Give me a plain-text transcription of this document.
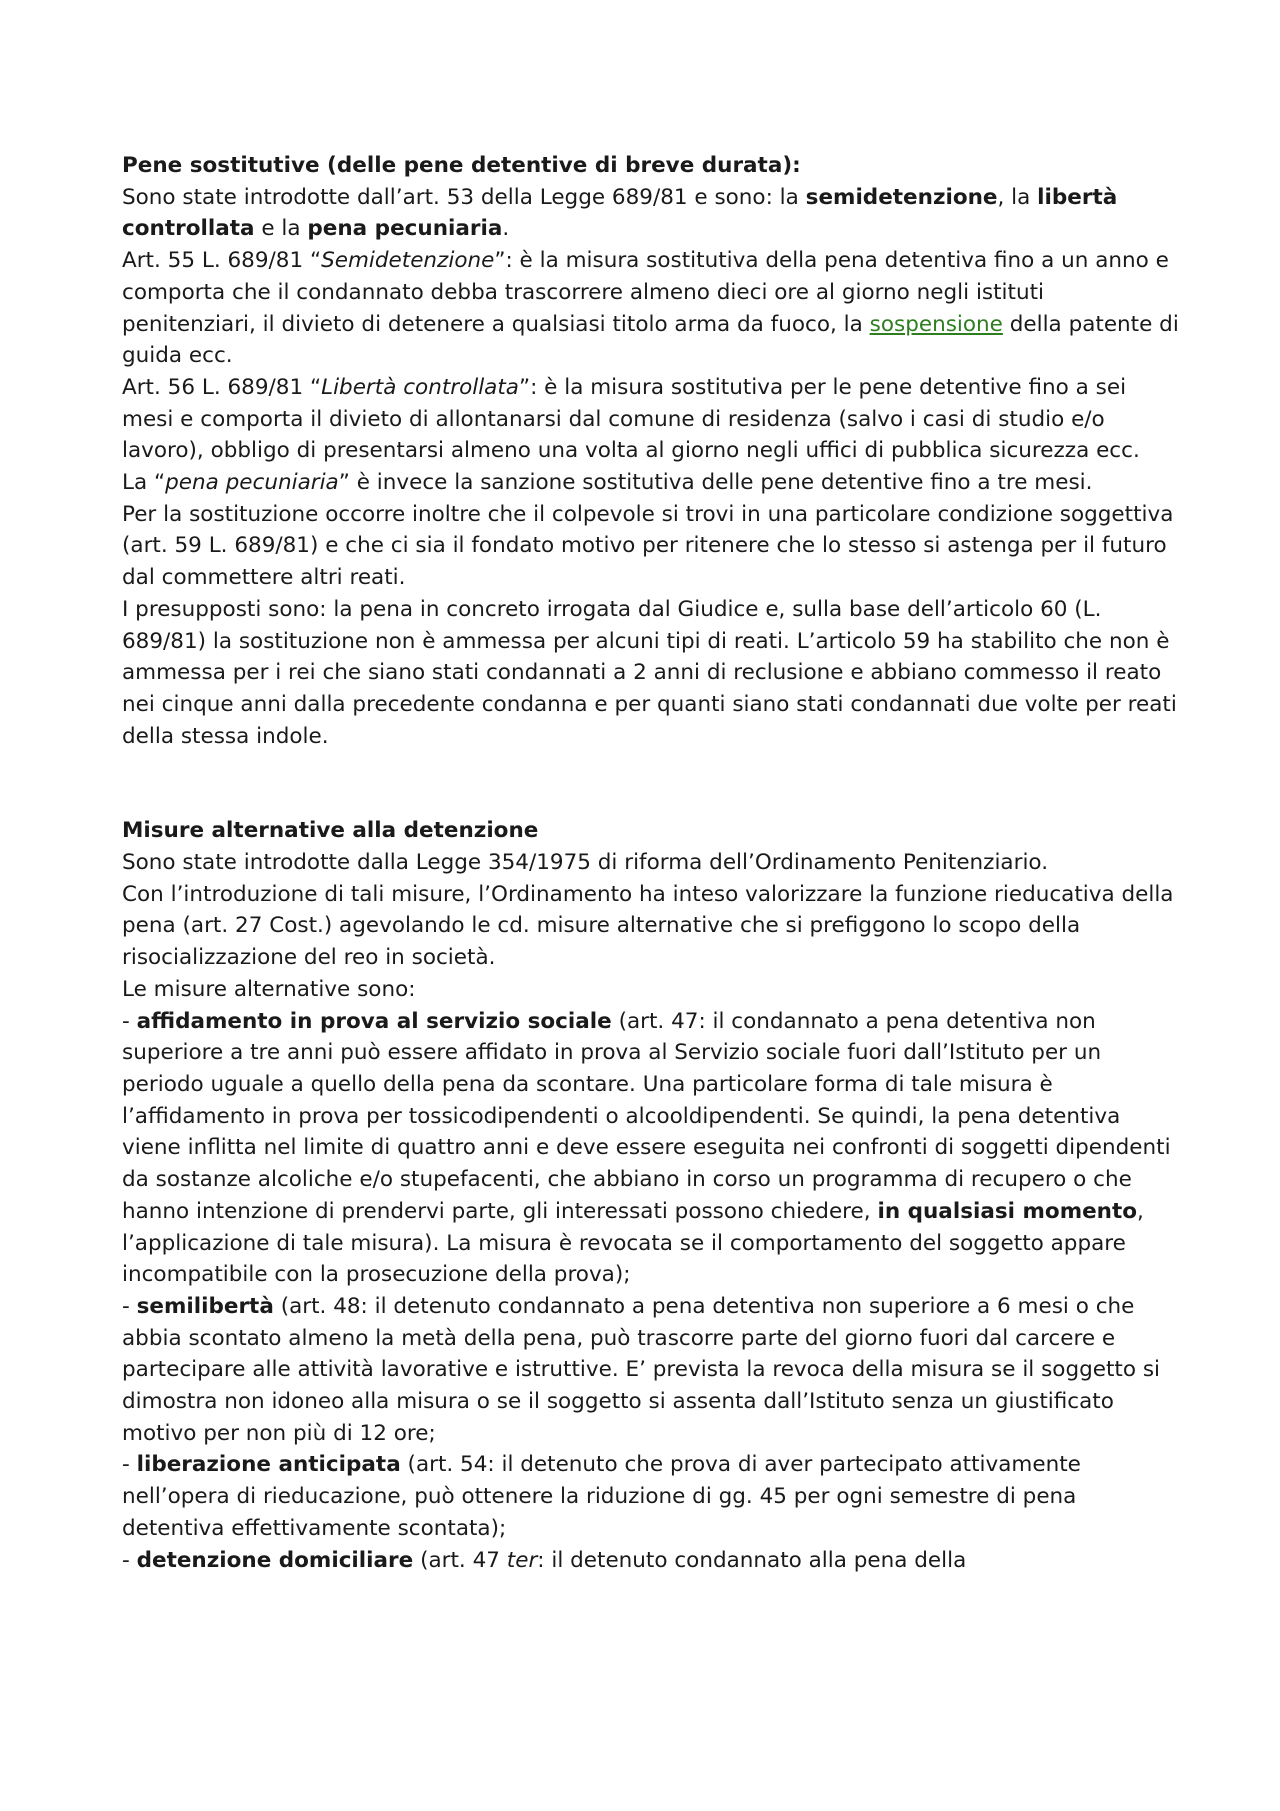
Pene sostitutive (delle pene detentive di breve durata):

Sono state introdotte dall’art. 53 della Legge 689/81 e sono: la semidetenzione, la libertà controllata e la pena pecuniaria.

Art. 55 L. 689/81 “Semidetenzione”: è la misura sostitutiva della pena detentiva fino a un anno e comporta che il condannato debba trascorrere almeno dieci ore al giorno negli istituti penitenziari, il divieto di detenere a qualsiasi titolo arma da fuoco, la sospensione della patente di guida ecc.

Art. 56 L. 689/81 “Libertà controllata”: è la misura sostitutiva per le pene detentive fino a sei mesi e comporta il divieto di allontanarsi dal comune di residenza (salvo i casi di studio e/o lavoro), obbligo di presentarsi almeno una volta al giorno negli uffici di pubblica sicurezza ecc.

La “pena pecuniaria” è invece la sanzione sostitutiva delle pene detentive fino a tre mesi.

Per la sostituzione occorre inoltre che il colpevole si trovi in una particolare condizione soggettiva (art. 59 L. 689/81) e che ci sia il fondato motivo per ritenere che lo stesso si astenga per il futuro dal commettere altri reati.

I presupposti sono: la pena in concreto irrogata dal Giudice e, sulla base dell’articolo 60 (L. 689/81) la sostituzione non è ammessa per alcuni tipi di reati. L’articolo 59 ha stabilito che non è ammessa per i rei che siano stati condannati a 2 anni di reclusione e abbiano commesso il reato nei cinque anni dalla precedente condanna e per quanti siano stati condannati due volte per reati della stessa indole.

Misure alternative alla detenzione

Sono state introdotte dalla Legge 354/1975 di riforma dell’Ordinamento Penitenziario.

Con l’introduzione di tali misure, l’Ordinamento ha inteso valorizzare la funzione rieducativa della pena (art. 27 Cost.) agevolando le cd. misure alternative che si prefiggono lo scopo della risocializzazione del reo in società.

Le misure alternative sono:

- affidamento in prova al servizio sociale (art. 47: il condannato a pena detentiva non superiore a tre anni può essere affidato in prova al Servizio sociale fuori dall’Istituto per un periodo uguale a quello della pena da scontare. Una particolare forma di tale misura è l’affidamento in prova per tossicodipendenti o alcooldipendenti. Se quindi, la pena detentiva viene inflitta nel limite di quattro anni e deve essere eseguita nei confronti di soggetti dipendenti da sostanze alcoliche e/o stupefacenti, che abbiano in corso un programma di recupero o che hanno intenzione di prendervi parte, gli interessati possono chiedere, in qualsiasi momento, l’applicazione di tale misura). La misura è revocata se il comportamento del soggetto appare incompatibile con la prosecuzione della prova);

- semilibertà (art. 48: il detenuto condannato a pena detentiva non superiore a 6 mesi o che abbia scontato almeno la metà della pena, può trascorre parte del giorno fuori dal carcere e partecipare alle attività lavorative e istruttive. E’ prevista la revoca della misura se il soggetto si dimostra non idoneo alla misura o se il soggetto si assenta dall’Istituto senza un giustificato motivo per non più di 12 ore;

- liberazione anticipata (art. 54: il detenuto che prova di aver partecipato attivamente nell’opera di rieducazione, può ottenere la riduzione di gg. 45 per ogni semestre di pena detentiva effettivamente scontata);

- detenzione domiciliare (art. 47 ter: il detenuto condannato alla pena della
